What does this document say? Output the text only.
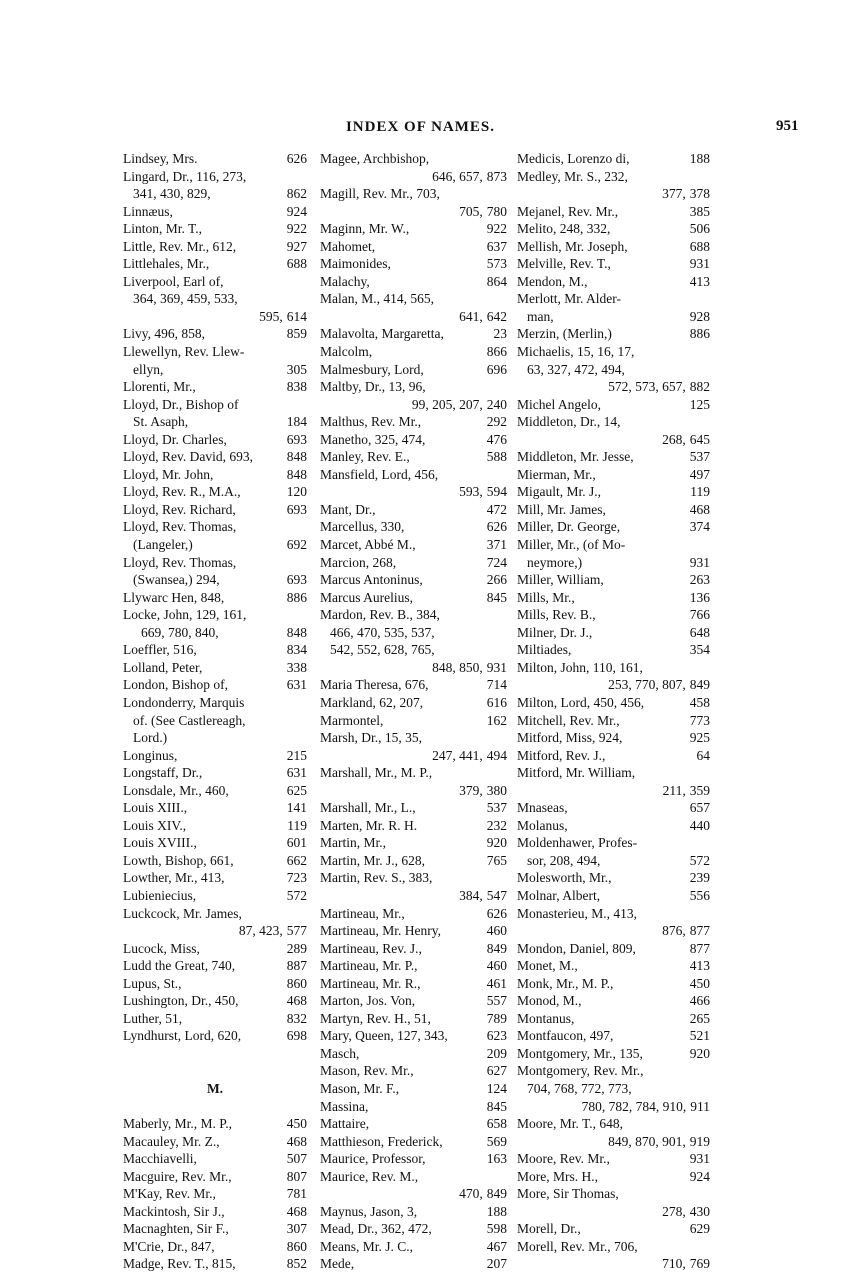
INDEX OF NAMES.	951
Lindsey, Mrs.	626
Lingard, Dr., 116, 273,
341, 430, 829,	862
Linnæus,	924
Linton, Mr. T.,	922
Little, Rev. Mr., 612,	927
Littlehales, Mr.,	688
Liverpool, Earl of,
364, 369, 459, 533,
595, 614
Livy, 496, 858,	859
Llewellyn, Rev. Llew-
ellyn,	305
Llorenti, Mr.,	838
Lloyd, Dr., Bishop of
St. Asaph,	184
Lloyd, Dr. Charles,	693
Lloyd, Rev. David, 693,	848
Lloyd, Mr. John,	848
Lloyd, Rev. R., M.A.,	120
Lloyd, Rev. Richard,	693
Lloyd, Rev. Thomas,
(Langeler,)	692
Lloyd, Rev. Thomas,
(Swansea,) 294,	693
Llywarc Hen, 848,	886
Locke, John, 129, 161,
669, 780, 840,	848
Loeffler, 516,	834
Lolland, Peter,	338
London, Bishop of,	631
Londonderry, Marquis
of. (See Castlereagh,
Lord.)
Longinus,	215
Longstaff, Dr.,	631
Lonsdale, Mr., 460,	625
Louis XIII.,	141
Louis XIV.,	119
Louis XVIII.,	601
Lowth, Bishop, 661,	662
Lowther, Mr., 413,	723
Lubieniecius,	572
Luckcock, Mr. James,
87, 423, 577
Lucock, Miss,	289
Ludd the Great, 740,	887
Lupus, St.,	860
Lushington, Dr., 450,	468
Luther, 51,	832
Lyndhurst, Lord, 620,	698
M.
Maberly, Mr., M. P.,	450
Macauley, Mr. Z.,	468
Macchiavelli,	507
Macguire, Rev. Mr.,	807
M'Kay, Rev. Mr.,	781
Mackintosh, Sir J.,	468
Macnaghten, Sir F.,	307
M'Crie, Dr., 847,	860
Madge, Rev. T., 815,	852
Magee, Archbishop,
646, 657, 873
Magill, Rev. Mr., 703,
705, 780
Maginn, Mr. W.,	922
Mahomet,	637
Maimonides,	573
Malachy,	864
Malan, M., 414, 565,
641, 642
Malavolta, Margaretta,	23
Malcolm,	866
Malmesbury, Lord,	696
Maltby, Dr., 13, 96,
99, 205, 207, 240
Malthus, Rev. Mr.,	292
Manetho, 325, 474,	476
Manley, Rev. E.,	588
Mansfield, Lord, 456,
593, 594
Mant, Dr.,	472
Marcellus, 330,	626
Marcet, Abbé M.,	371
Marcion, 268,	724
Marcus Antoninus,	266
Marcus Aurelius,	845
Mardon, Rev. B., 384,
466, 470, 535, 537,
542, 552, 628, 765,
848, 850, 931
Maria Theresa, 676,	714
Markland, 62, 207,	616
Marmontel,	162
Marsh, Dr., 15, 35,
247, 441, 494
Marshall, Mr., M. P.,
379, 380
Marshall, Mr., L.,	537
Marten, Mr. R. H.	232
Martin, Mr.,	920
Martin, Mr. J., 628,	765
Martin, Rev. S., 383,
384, 547
Martineau, Mr.,	626
Martineau, Mr. Henry,	460
Martineau, Rev. J.,	849
Martineau, Mr. P.,	460
Martineau, Mr. R.,	461
Marton, Jos. Von,	557
Martyn, Rev. H., 51,	789
Mary, Queen, 127, 343,	623
Masch,	209
Mason, Rev. Mr.,	627
Mason, Mr. F.,	124
Massina,	845
Mattaire,	658
Matthieson, Frederick,	569
Maurice, Professor,	163
Maurice, Rev. M.,
470, 849
Maynus, Jason, 3,	188
Mead, Dr., 362, 472,	598
Means, Mr. J. C.,	467
Mede,	207
Medicis, Lorenzo di,	188
Medley, Mr. S., 232,
377, 378
Mejanel, Rev. Mr.,	385
Melito, 248, 332,	506
Mellish, Mr. Joseph,	688
Melville, Rev. T.,	931
Mendon, M.,	413
Merlott, Mr. Alder-
man,	928
Merzin, (Merlin,)	886
Michaelis, 15, 16, 17,
63, 327, 472, 494,
572, 573, 657, 882
Michel Angelo,	125
Middleton, Dr., 14,
268, 645
Middleton, Mr. Jesse,	537
Mierman, Mr.,	497
Migault, Mr. J.,	119
Mill, Mr. James,	468
Miller, Dr. George,	374
Miller, Mr., (of Mo-
neymore,)	931
Miller, William,	263
Mills, Mr.,	136
Mills, Rev. B.,	766
Milner, Dr. J.,	648
Miltiades,	354
Milton, John, 110, 161,
253, 770, 807, 849
Milton, Lord, 450, 456,	458
Mitchell, Rev. Mr.,	773
Mitford, Miss, 924,	925
Mitford, Rev. J.,	64
Mitford, Mr. William,
211, 359
Mnaseas,	657
Molanus,	440
Moldenhawer, Profes-
sor, 208, 494,	572
Molesworth, Mr.,	239
Molnar, Albert,	556
Monasterieu, M., 413,
876, 877
Mondon, Daniel, 809,	877
Monet, M.,	413
Monk, Mr., M. P.,	450
Monod, M.,	466
Montanus,	265
Montfaucon, 497,	521
Montgomery, Mr., 135,	920
Montgomery, Rev. Mr.,
704, 768, 772, 773,
780, 782, 784, 910, 911
Moore, Mr. T., 648,
849, 870, 901, 919
Moore, Rev. Mr.,	931
More, Mrs. H.,	924
More, Sir Thomas,
278, 430
Morell, Dr.,	629
Morell, Rev. Mr., 706,
710, 769
